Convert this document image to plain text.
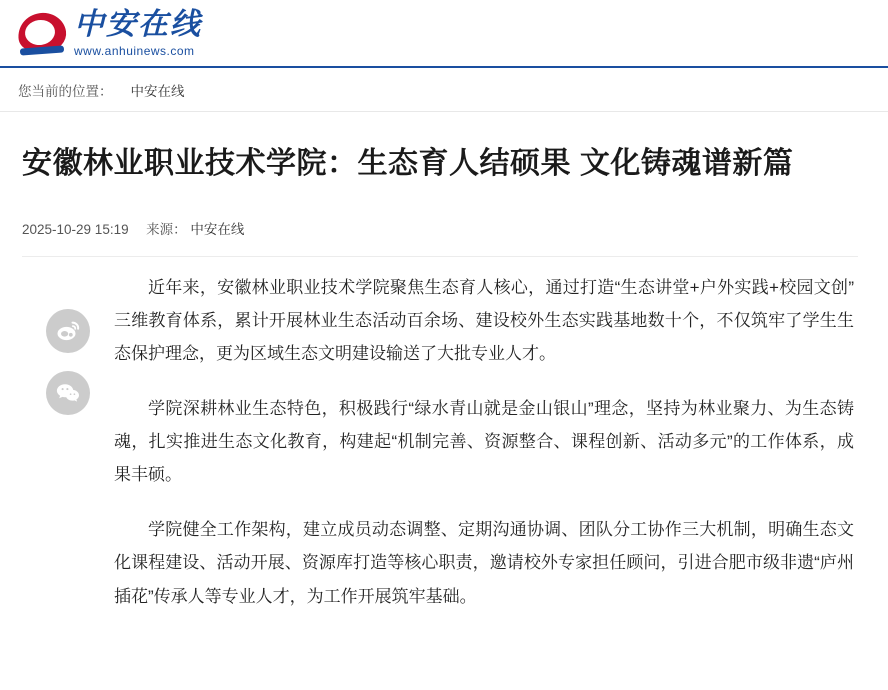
中安在线
www.anhuinews.com
您当前的位置： 中安在线
安徽林业职业技术学院：生态育人结硕果 文化铸魂谱新篇
2025-10-29 15:19 来源： 中安在线

近年来，安徽林业职业技术学院聚焦生态育人核心，通过打造“生态讲堂+户外实践+校园文创”三维教育体系，累计开展林业生态活动百余场、建设校外生态实践基地数十个，不仅筑牢了学生生态保护理念，更为区域生态文明建设输送了大批专业人才。

学院深耕林业生态特色，积极践行“绿水青山就是金山银山”理念，坚持为林业聚力、为生态铸魂，扎实推进生态文化教育，构建起“机制完善、资源整合、课程创新、活动多元”的工作体系，成果丰硕。

学院健全工作架构，建立成员动态调整、定期沟通协调、团队分工协作三大机制，明确生态文化课程建设、活动开展、资源库打造等核心职责，邀请校外专家担任顾问，引进合肥市级非遗“庐州插花”传承人等专业人才，为工作开展筑牢基础。
